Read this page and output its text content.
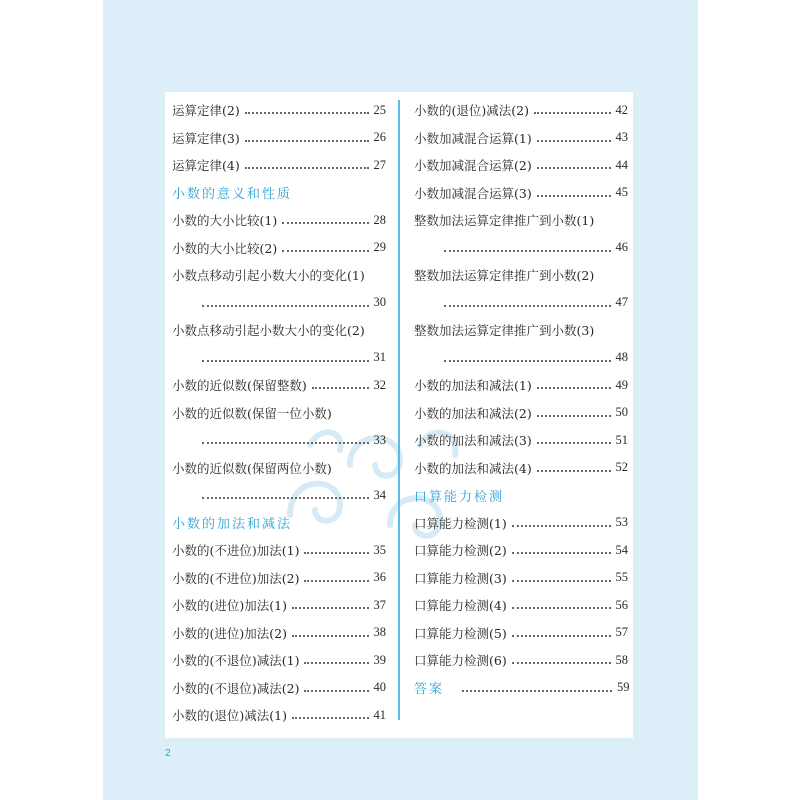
运算定律(2)	25
运算定律(3)	26
运算定律(4)	27
小数的意义和性质
小数的大小比较(1)	28
小数的大小比较(2)	29
小数点移动引起小数大小的变化(1)
30
小数点移动引起小数大小的变化(2)
31
小数的近似数(保留整数)	32
小数的近似数(保留一位小数)
33
小数的近似数(保留两位小数)
34
小数的加法和减法
小数的(不进位)加法(1)	35
小数的(不进位)加法(2)	36
小数的(进位)加法(1)	37
小数的(进位)加法(2)	38
小数的(不退位)减法(1)	39
小数的(不退位)减法(2)	40
小数的(退位)减法(1)	41
小数的(退位)减法(2)	42
小数加减混合运算(1)	43
小数加减混合运算(2)	44
小数加减混合运算(3)	45
整数加法运算定律推广到小数(1)
46
整数加法运算定律推广到小数(2)
47
整数加法运算定律推广到小数(3)
48
小数的加法和减法(1)	49
小数的加法和减法(2)	50
小数的加法和减法(3)	51
小数的加法和减法(4)	52
口算能力检测
口算能力检测(1)	53
口算能力检测(2)	54
口算能力检测(3)	55
口算能力检测(4)	56
口算能力检测(5)	57
口算能力检测(6)	58
答案	59
2
